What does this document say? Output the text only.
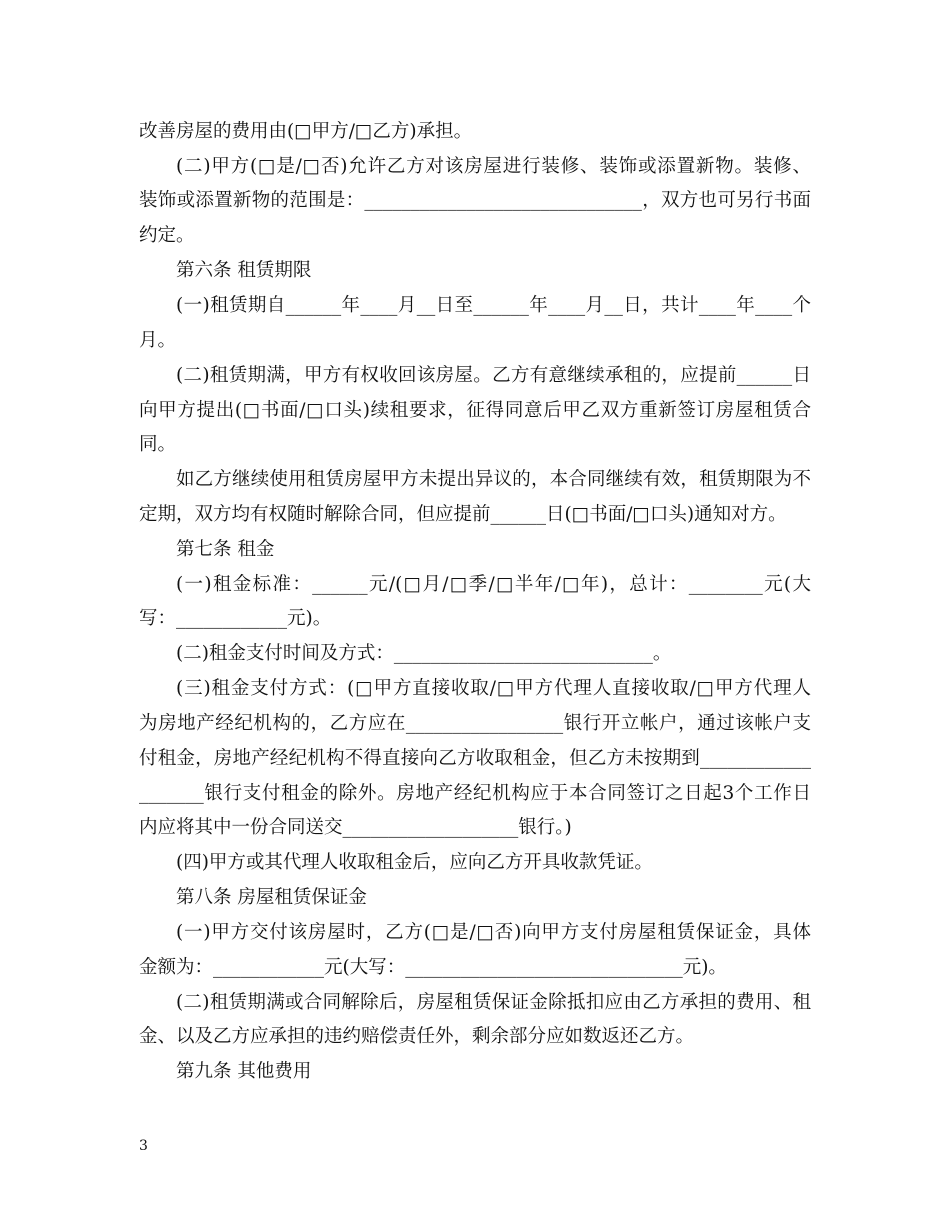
改善房屋的费用由(□甲方/□乙方)承担。
(二)甲方(□是/□否)允许乙方对该房屋进行装修、装饰或添置新物。装修、
装饰或添置新物的范围是：______________________________，双方也可另行书面
约定。
第六条 租赁期限
(一)租赁期自______年____月__日至______年____月__日，共计____年____个
月。
(二)租赁期满，甲方有权收回该房屋。乙方有意继续承租的，应提前______日
向甲方提出(□书面/□口头)续租要求，征得同意后甲乙双方重新签订房屋租赁合
同。
如乙方继续使用租赁房屋甲方未提出异议的，本合同继续有效，租赁期限为不
定期，双方均有权随时解除合同，但应提前______日(□书面/□口头)通知对方。
第七条 租金
(一)租金标准：______元/(□月/□季/□半年/□年)，总计：________元(大
写：____________元)。
(二)租金支付时间及方式：____________________________。
(三)租金支付方式：(□甲方直接收取/□甲方代理人直接收取/□甲方代理人
为房地产经纪机构的，乙方应在_________________银行开立帐户，通过该帐户支
付租金，房地产经纪机构不得直接向乙方收取租金，但乙方未按期到____________
_______银行支付租金的除外。房地产经纪机构应于本合同签订之日起3个工作日
内应将其中一份合同送交___________________银行。)
(四)甲方或其代理人收取租金后，应向乙方开具收款凭证。
第八条 房屋租赁保证金
(一)甲方交付该房屋时，乙方(□是/□否)向甲方支付房屋租赁保证金，具体
金额为：____________元(大写：______________________________元)。
(二)租赁期满或合同解除后，房屋租赁保证金除抵扣应由乙方承担的费用、租
金、以及乙方应承担的违约赔偿责任外，剩余部分应如数返还乙方。
第九条 其他费用
3
